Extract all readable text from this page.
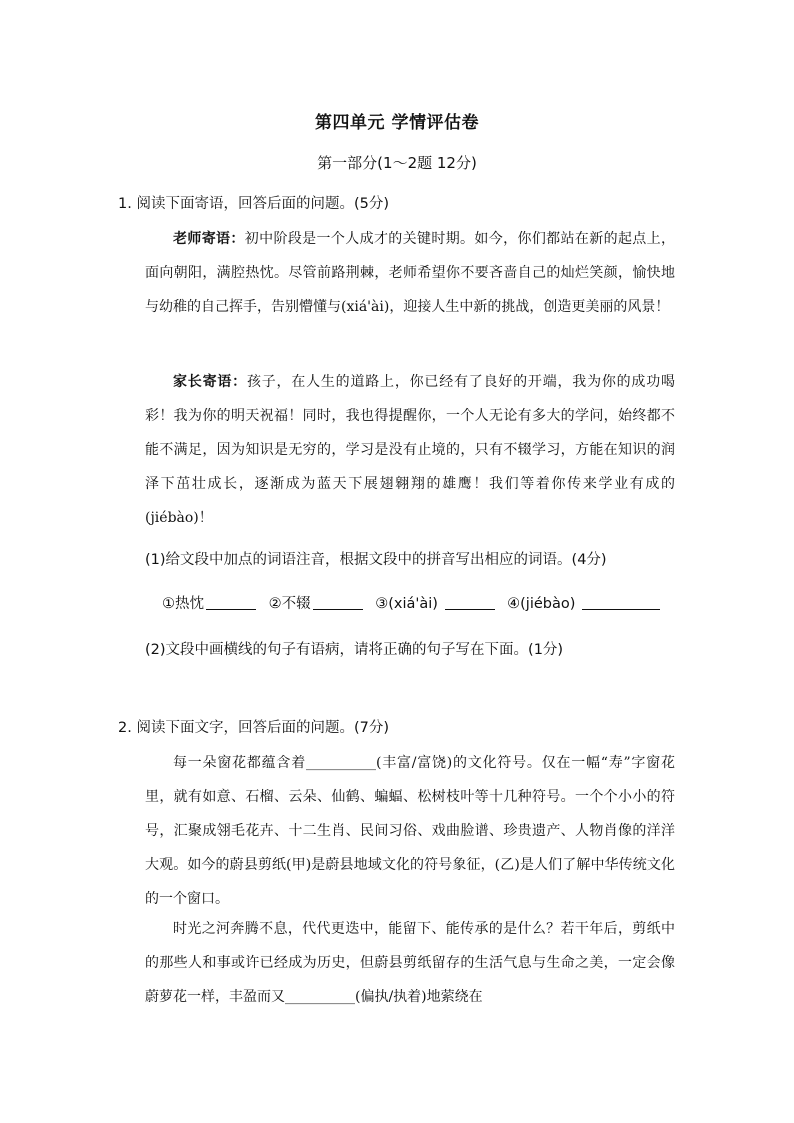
第四单元 学情评估卷
第一部分(1～2题 12分)
1. 阅读下面寄语，回答后面的问题。(5分)

老师寄语：初中阶段是一个人成才的关键时期。如今，你们都站在新的起点上，面向朝阳，满腔热忱。尽管前路荆棘，老师希望你不要吝啬自己的灿烂笑颜，愉快地与幼稚的自己挥手，告别懵懂与(xiá'ài)，迎接人生中新的挑战，创造更美丽的风景！

家长寄语：孩子，在人生的道路上，你已经有了良好的开端，我为你的成功喝彩！我为你的明天祝福！同时，我也得提醒你，一个人无论有多大的学问，始终都不能不满足，因为知识是无穷的，学习是没有止境的，只有不辍学习，方能在知识的润泽下茁壮成长，逐渐成为蓝天下展翅翱翔的雄鹰！我们等着你传来学业有成的(jiébào)！

(1)给文段中加点的词语注音，根据文段中的拼音写出相应的词语。(4分)
①热忱	②不辍	③(xiá'ài)	④(jiébào)
(2)文段中画横线的句子有语病，请将正确的句子写在下面。(1分)
2. 阅读下面文字，回答后面的问题。(7分)

每一朵窗花都蕴含着__________(丰富/富饶)的文化符号。仅在一幅“寿”字窗花里，就有如意、石榴、云朵、仙鹤、蝙蝠、松树枝叶等十几种符号。一个个小小的符号，汇聚成翎毛花卉、十二生肖、民间习俗、戏曲脸谱、珍贵遗产、人物肖像的洋洋大观。如今的蔚县剪纸(甲)是蔚县地域文化的符号象征，(乙)是人们了解中华传统文化的一个窗口。

时光之河奔腾不息，代代更迭中，能留下、能传承的是什么？若干年后，剪纸中的那些人和事或许已经成为历史，但蔚县剪纸留存的生活气息与生命之美，一定会像蔚萝花一样，丰盈而又__________(偏执/执着)地萦绕在
